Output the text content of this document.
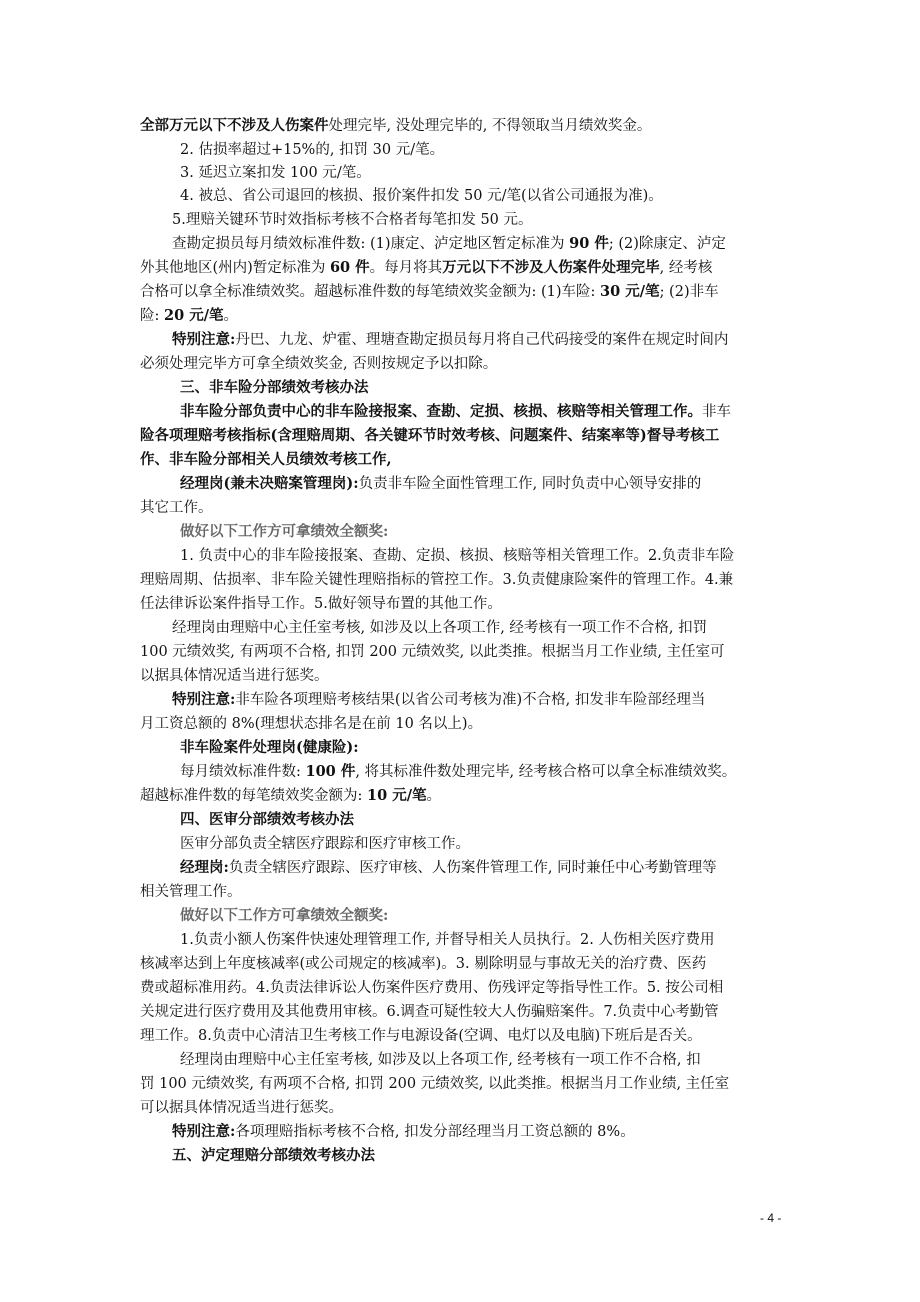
全部万元以下不涉及人伤案件处理完毕, 没处理完毕的, 不得领取当月绩效奖金。

2. 估损率超过+15%的, 扣罚 30 元/笔。

3. 延迟立案扣发 100 元/笔。

4. 被总、省公司退回的核损、报价案件扣发 50 元/笔(以省公司通报为准)。

5.理赔关键环节时效指标考核不合格者每笔扣发 50 元。

查勘定损员每月绩效标准件数: (1)康定、泸定地区暂定标准为 90 件; (2)除康定、泸定

外其他地区(州内)暂定标准为 60 件。每月将其万元以下不涉及人伤案件处理完毕, 经考核

合格可以拿全标准绩效奖。超越标准件数的每笔绩效奖金额为: (1)车险: 30 元/笔; (2)非车

险: 20 元/笔。

特别注意:丹巴、九龙、炉霍、理塘查勘定损员每月将自己代码接受的案件在规定时间内

必须处理完毕方可拿全绩效奖金, 否则按规定予以扣除。

三、非车险分部绩效考核办法

非车险分部负责中心的非车险接报案、查勘、定损、核损、核赔等相关管理工作。非车

险各项理赔考核指标(含理赔周期、各关键环节时效考核、问题案件、结案率等)督导考核工

作、非车险分部相关人员绩效考核工作,

经理岗(兼未决赔案管理岗):负责非车险全面性管理工作, 同时负责中心领导安排的

其它工作。

做好以下工作方可拿绩效全额奖:

1. 负责中心的非车险接报案、查勘、定损、核损、核赔等相关管理工作。2.负责非车险

理赔周期、估损率、非车险关键性理赔指标的管控工作。3.负责健康险案件的管理工作。4.兼

任法律诉讼案件指导工作。5.做好领导布置的其他工作。

经理岗由理赔中心主任室考核, 如涉及以上各项工作, 经考核有一项工作不合格, 扣罚

100 元绩效奖, 有两项不合格, 扣罚 200 元绩效奖, 以此类推。根据当月工作业绩, 主任室可

以据具体情况适当进行惩奖。

特别注意:非车险各项理赔考核结果(以省公司考核为准)不合格, 扣发非车险部经理当

月工资总额的 8%(理想状态排名是在前 10 名以上)。

非车险案件处理岗(健康险):

每月绩效标准件数: 100 件, 将其标准件数处理完毕, 经考核合格可以拿全标准绩效奖。

超越标准件数的每笔绩效奖金额为: 10 元/笔。

四、医审分部绩效考核办法

医审分部负责全辖医疗跟踪和医疗审核工作。

经理岗:负责全辖医疗跟踪、医疗审核、人伤案件管理工作, 同时兼任中心考勤管理等

相关管理工作。

做好以下工作方可拿绩效全额奖:

1.负责小额人伤案件快速处理管理工作, 并督导相关人员执行。2. 人伤相关医疗费用

核减率达到上年度核减率(或公司规定的核减率)。3. 剔除明显与事故无关的治疗费、医药

费或超标准用药。4.负责法律诉讼人伤案件医疗费用、伤残评定等指导性工作。5. 按公司相

关规定进行医疗费用及其他费用审核。6.调查可疑性较大人伤骗赔案件。7.负责中心考勤管

理工作。8.负责中心清洁卫生考核工作与电源设备(空调、电灯以及电脑)下班后是否关。

经理岗由理赔中心主任室考核, 如涉及以上各项工作, 经考核有一项工作不合格, 扣

罚 100 元绩效奖, 有两项不合格, 扣罚 200 元绩效奖, 以此类推。根据当月工作业绩, 主任室

可以据具体情况适当进行惩奖。

特别注意:各项理赔指标考核不合格, 扣发分部经理当月工资总额的 8%。

五、泸定理赔分部绩效考核办法

- 4 -
